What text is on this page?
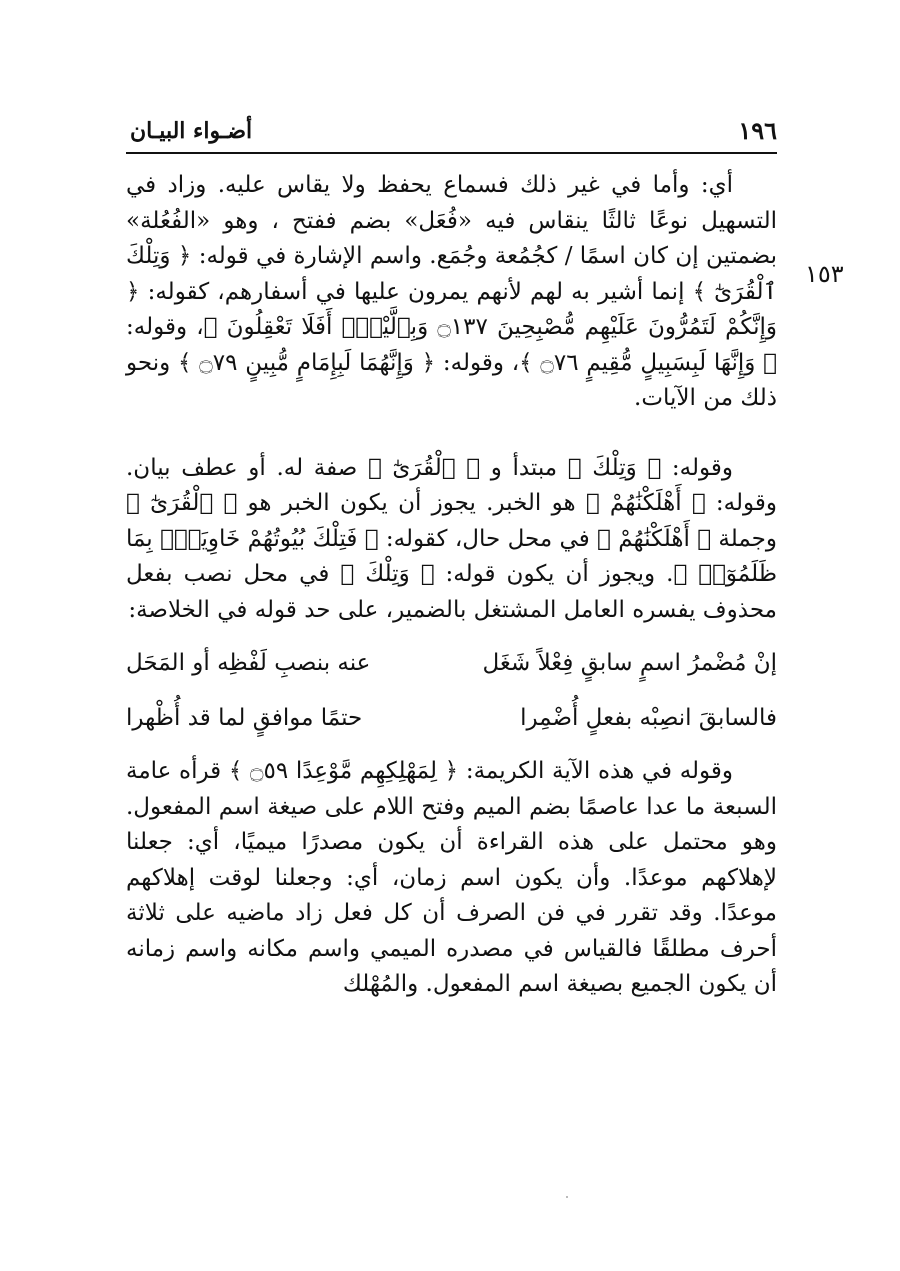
١٩٦
أضـواء البيـان
١٥٣

أي: وأما في غير ذلك فسماع يحفظ ولا يقاس عليه. وزاد في التسهيل نوعًا ثالثًا ينقاس فيه «فُعَل» بضم ففتح ، وهو «الفُعُلة» بضمتين إن كان اسمًا / كجُمُعة وجُمَع. واسم الإشارة في قوله: ﴿ وَتِلْكَ ٱلْقُرَىٰٓ ﴾ إنما أشير به لهم لأنهم يمرون عليها في أسفارهم، كقوله: ﴿ وَإِنَّكُمْ لَتَمُرُّونَ عَلَيْهِم مُّصْبِحِينَ ۝١٣٧ وَبِٱلَّيْلِۚ أَفَلَا تَعْقِلُونَ ﴾، وقوله: ﴿ وَإِنَّهَا لَبِسَبِيلٍ مُّقِيمٍ ۝٧٦ ﴾، وقوله: ﴿ وَإِنَّهُمَا لَبِإِمَامٍ مُّبِينٍ ۝٧٩ ﴾ ونحو ذلك من الآيات.

وقوله: ﴿ وَتِلْكَ ﴾ مبتدأ و ﴿ ٱلْقُرَىٰٓ ﴾ صفة له. أو عطف بيان. وقوله: ﴿ أَهْلَكْنَٰهُمْ ﴾ هو الخبر. يجوز أن يكون الخبر هو ﴿ ٱلْقُرَىٰٓ ﴾ وجملة ﴿ أَهْلَكْنَٰهُمْ ﴾ في محل حال، كقوله: ﴿ فَتِلْكَ بُيُوتُهُمْ خَاوِيَةًۢ بِمَا ظَلَمُوٓا۟ ﴾. ويجوز أن يكون قوله: ﴿ وَتِلْكَ ﴾ في محل نصب بفعل محذوف يفسره العامل المشتغل بالضمير، على حد قوله في الخلاصة:

إنْ مُضْمرُ اسمٍ سابقٍ فِعْلاً شَغَل
عنه بنصبِ لَفْظِه أو المَحَل
فالسابقَ انصِبْه بفعلٍ أُضْمِرا
حتمًا موافقٍ لما قد أُظْهرا

وقوله في هذه الآية الكريمة: ﴿ لِمَهْلِكِهِم مَّوْعِدًا ۝٥٩ ﴾ قرأه عامة السبعة ما عدا عاصمًا بضم الميم وفتح اللام على صيغة اسم المفعول. وهو محتمل على هذه القراءة أن يكون مصدرًا ميميًا، أي: جعلنا لإهلاكهم موعدًا. وأن يكون اسم زمان، أي: وجعلنا لوقت إهلاكهم موعدًا. وقد تقرر في فن الصرف أن كل فعل زاد ماضيه على ثلاثة أحرف مطلقًا فالقياس في مصدره الميمي واسم مكانه واسم زمانه أن يكون الجميع بصيغة اسم المفعول. والمُهْلك
